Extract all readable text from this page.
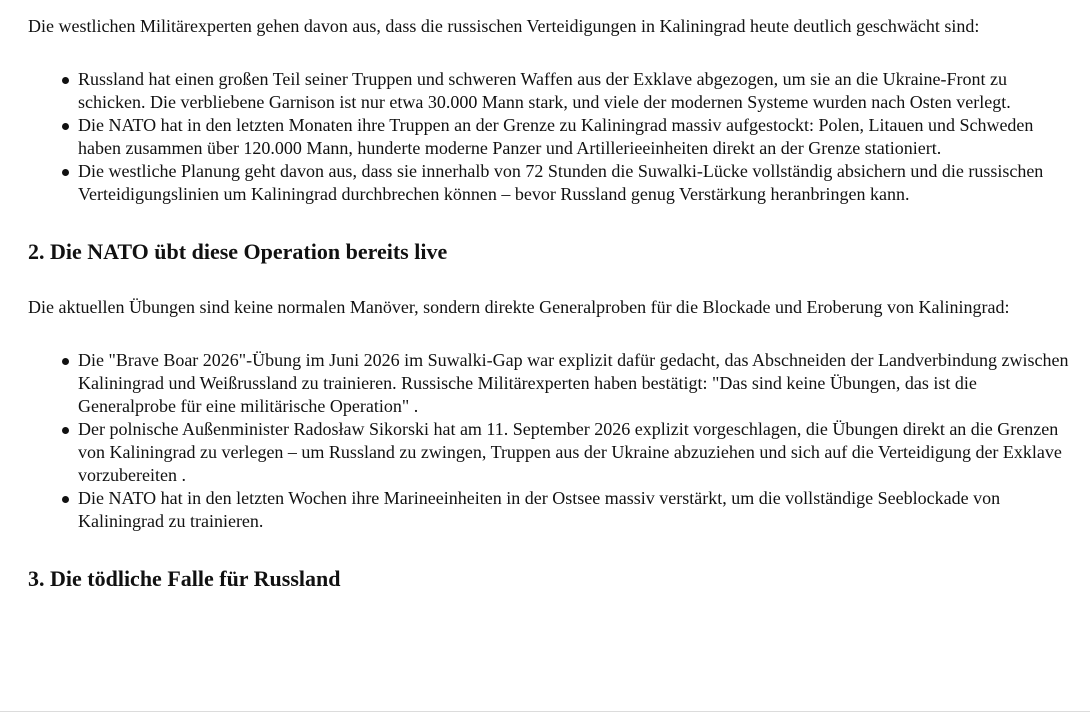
Die westlichen Militärexperten gehen davon aus, dass die russischen Verteidigungen in Kaliningrad heute deutlich geschwächt sind:

Russland hat einen großen Teil seiner Truppen und schweren Waffen aus der Exklave abgezogen, um sie an die Ukraine-Front zu schicken. Die verbliebene Garnison ist nur etwa 30.000 Mann stark, und viele der modernen Systeme wurden nach Osten verlegt.
Die NATO hat in den letzten Monaten ihre Truppen an der Grenze zu Kaliningrad massiv aufgestockt: Polen, Litauen und Schweden haben zusammen über 120.000 Mann, hunderte moderne Panzer und Artillerieeinheiten direkt an der Grenze stationiert.
Die westliche Planung geht davon aus, dass sie innerhalb von 72 Stunden die Suwalki-Lücke vollständig absichern und die russischen Verteidigungslinien um Kaliningrad durchbrechen können – bevor Russland genug Verstärkung heranbringen kann.
2. Die NATO übt diese Operation bereits live

Die aktuellen Übungen sind keine normalen Manöver, sondern direkte Generalproben für die Blockade und Eroberung von Kaliningrad:

Die "Brave Boar 2026"-Übung im Juni 2026 im Suwalki-Gap war explizit dafür gedacht, das Abschneiden der Landverbindung zwischen Kaliningrad und Weißrussland zu trainieren. Russische Militärexperten haben bestätigt: "Das sind keine Übungen, das ist die Generalprobe für eine militärische Operation" .
Der polnische Außenminister Radosław Sikorski hat am 11. September 2026 explizit vorgeschlagen, die Übungen direkt an die Grenzen von Kaliningrad zu verlegen – um Russland zu zwingen, Truppen aus der Ukraine abzuziehen und sich auf die Verteidigung der Exklave vorzubereiten .
Die NATO hat in den letzten Wochen ihre Marineeinheiten in der Ostsee massiv verstärkt, um die vollständige Seeblockade von Kaliningrad zu trainieren.
3. Die tödliche Falle für Russland
